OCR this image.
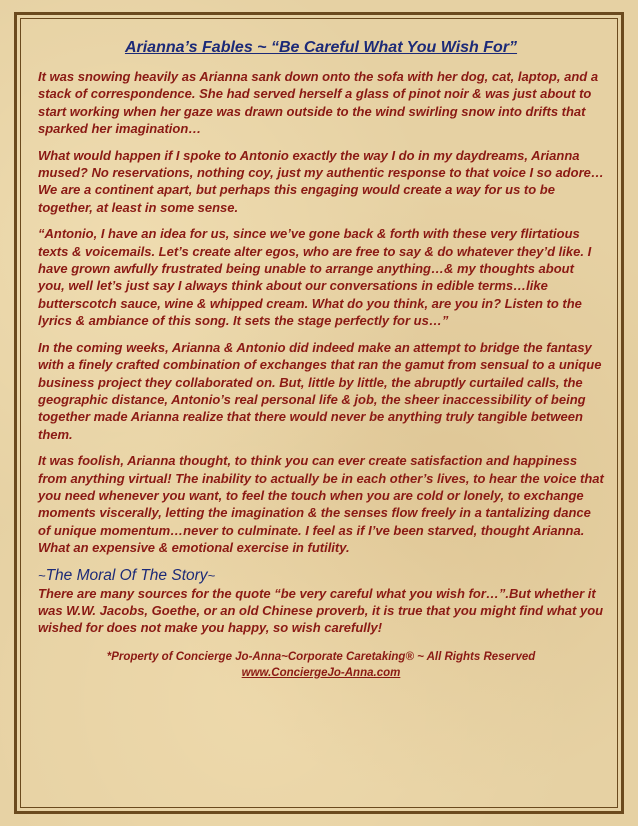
Arianna’s Fables ~ “Be Careful What You Wish For”

It was snowing heavily as Arianna sank down onto the sofa with her dog, cat, laptop, and a stack of correspondence. She had served herself a glass of pinot noir & was just about to start working when her gaze was drawn outside to the wind swirling snow into drifts that sparked her imagination…

What would happen if I spoke to Antonio exactly the way I do in my daydreams, Arianna mused? No reservations, nothing coy, just my authentic response to that voice I so adore…We are a continent apart, but perhaps this engaging would create a way for us to be together, at least in some sense.

“Antonio, I have an idea for us, since we’ve gone back & forth with these very flirtatious texts & voicemails. Let’s create alter egos, who are free to say & do whatever they’d like. I have grown awfully frustrated being unable to arrange anything…& my thoughts about you, well let’s just say I always think about our conversations in edible terms…like butterscotch sauce, wine & whipped cream. What do you think, are you in? Listen to the lyrics & ambiance of this song. It sets the stage perfectly for us…”

In the coming weeks, Arianna & Antonio did indeed make an attempt to bridge the fantasy with a finely crafted combination of exchanges that ran the gamut from sensual to a unique business project they collaborated on. But, little by little, the abruptly curtailed calls, the geographic distance, Antonio’s real personal life & job, the sheer inaccessibility of being together made Arianna realize that there would never be anything truly tangible between them.

It was foolish, Arianna thought, to think you can ever create satisfaction and happiness from anything virtual! The inability to actually be in each other’s lives, to hear the voice that you need whenever you want, to feel the touch when you are cold or lonely, to exchange moments viscerally, letting the imagination & the senses flow freely in a tantalizing dance of unique momentum…never to culminate. I feel as if I’ve been starved, thought Arianna. What an expensive & emotional exercise in futility.

~The Moral Of The Story~

There are many sources for the quote “be very careful what you wish for…”.But whether it was W.W. Jacobs, Goethe, or an old Chinese proverb, it is true that you might find what you wished for does not make you happy, so wish carefully!

*Property of Concierge Jo-Anna~Corporate Caretaking® ~ All Rights Reserved
www.ConciergeJo-Anna.com
